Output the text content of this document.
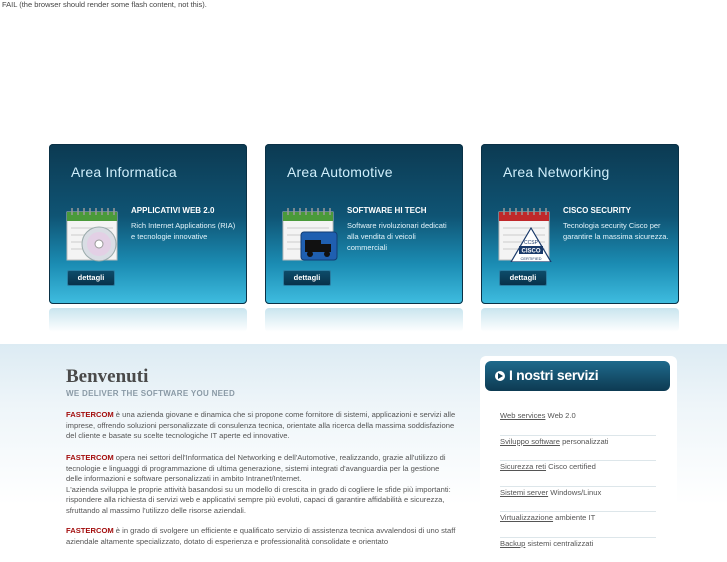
FAIL (the browser should render some flash content, not this).
Area Informatica
APPLICATIVI WEB 2.0
Rich Internet Applications (RIA) e tecnologie innovative
dettagli
Area Automotive
SOFTWARE HI TECH
Software rivoluzionari dedicati alla vendita di veicoli commerciali
dettagli
Area Networking
CCSP
CISCO
CERTIFIED
CISCO SECURITY
Tecnologia security Cisco per garantire la massima sicurezza.
dettagli
Benvenuti
WE DELIVER THE SOFTWARE YOU NEED
FASTERCOM è una azienda giovane e dinamica che si propone come fornitore di sistemi, applicazioni e servizi alle imprese, offrendo soluzioni personalizzate di consulenza tecnica, orientate alla ricerca della massima soddisfazione del cliente e basate su scelte tecnologiche IT aperte ed innovative.
FASTERCOM opera nei settori dell'Informatica del Networking e dell'Automotive, realizzando, grazie all'utilizzo di tecnologie e linguaggi di programmazione di ultima generazione, sistemi integrati d'avanguardia per la gestione delle informazioni e software personalizzati in ambito Intranet/Internet.
L'azienda sviluppa le proprie attività basandosi su un modello di crescita in grado di cogliere le sfide più importanti: rispondere alla richiesta di servizi web e applicativi sempre più evoluti, capaci di garantire affidabilità e sicurezza, sfruttando al massimo l'utilizzo delle risorse aziendali.
FASTERCOM è in grado di svolgere un efficiente e qualificato servizio di assistenza tecnica avvalendosi di uno staff aziendale altamente specializzato, dotato di esperienza e professionalità consolidate e orientato
I nostri servizi
Web services Web 2.0
Sviluppo software personalizzati
Sicurezza reti Cisco certified
Sistemi server Windows/Linux
Virtualizzazione ambiente IT
Backup sistemi centralizzati
